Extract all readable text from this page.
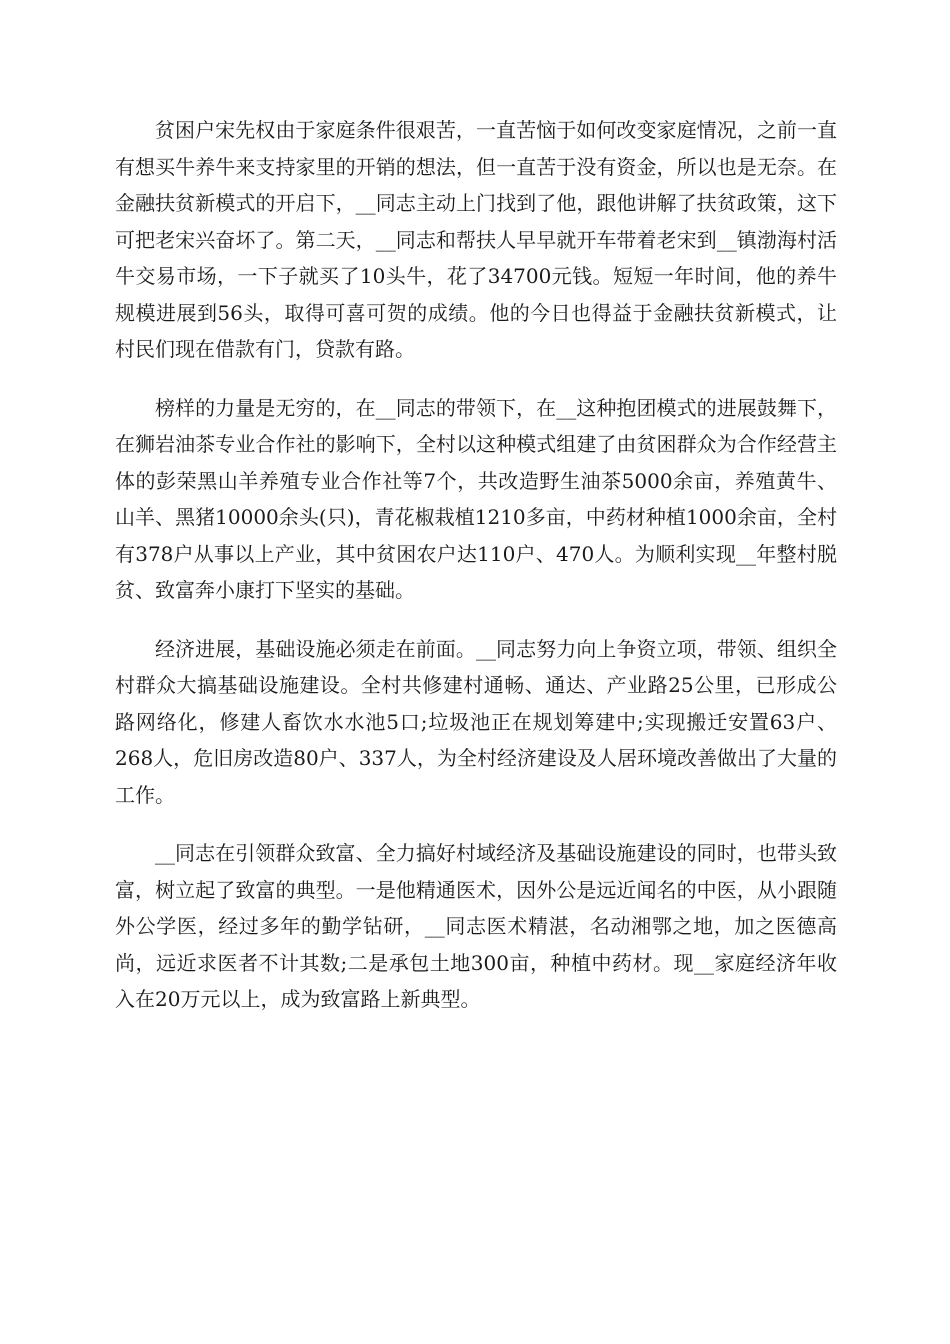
贫困户宋先权由于家庭条件很艰苦，一直苦恼于如何改变家庭情况，之前一直有想买牛养牛来支持家里的开销的想法，但一直苦于没有资金，所以也是无奈。在金融扶贫新模式的开启下，__同志主动上门找到了他，跟他讲解了扶贫政策，这下可把老宋兴奋坏了。第二天，__同志和帮扶人早早就开车带着老宋到__镇渤海村活牛交易市场，一下子就买了10头牛，花了34700元钱。短短一年时间，他的养牛规模进展到56头，取得可喜可贺的成绩。他的今日也得益于金融扶贫新模式，让村民们现在借款有门，贷款有路。

榜样的力量是无穷的，在__同志的带领下，在__这种抱团模式的进展鼓舞下，在狮岩油茶专业合作社的影响下，全村以这种模式组建了由贫困群众为合作经营主体的彭荣黑山羊养殖专业合作社等7个，共改造野生油茶5000余亩，养殖黄牛、山羊、黑猪10000余头(只)，青花椒栽植1210多亩，中药材种植1000余亩，全村有378户从事以上产业，其中贫困农户达110户、470人。为顺利实现__年整村脱贫、致富奔小康打下坚实的基础。

经济进展，基础设施必须走在前面。__同志努力向上争资立项，带领、组织全村群众大搞基础设施建设。全村共修建村通畅、通达、产业路25公里，已形成公路网络化，修建人畜饮水水池5口;垃圾池正在规划筹建中;实现搬迁安置63户、268人，危旧房改造80户、337人，为全村经济建设及人居环境改善做出了大量的工作。

__同志在引领群众致富、全力搞好村域经济及基础设施建设的同时，也带头致富，树立起了致富的典型。一是他精通医术，因外公是远近闻名的中医，从小跟随外公学医，经过多年的勤学钻研，__同志医术精湛，名动湘鄂之地，加之医德高尚，远近求医者不计其数;二是承包土地300亩，种植中药材。现__家庭经济年收入在20万元以上，成为致富路上新典型。
